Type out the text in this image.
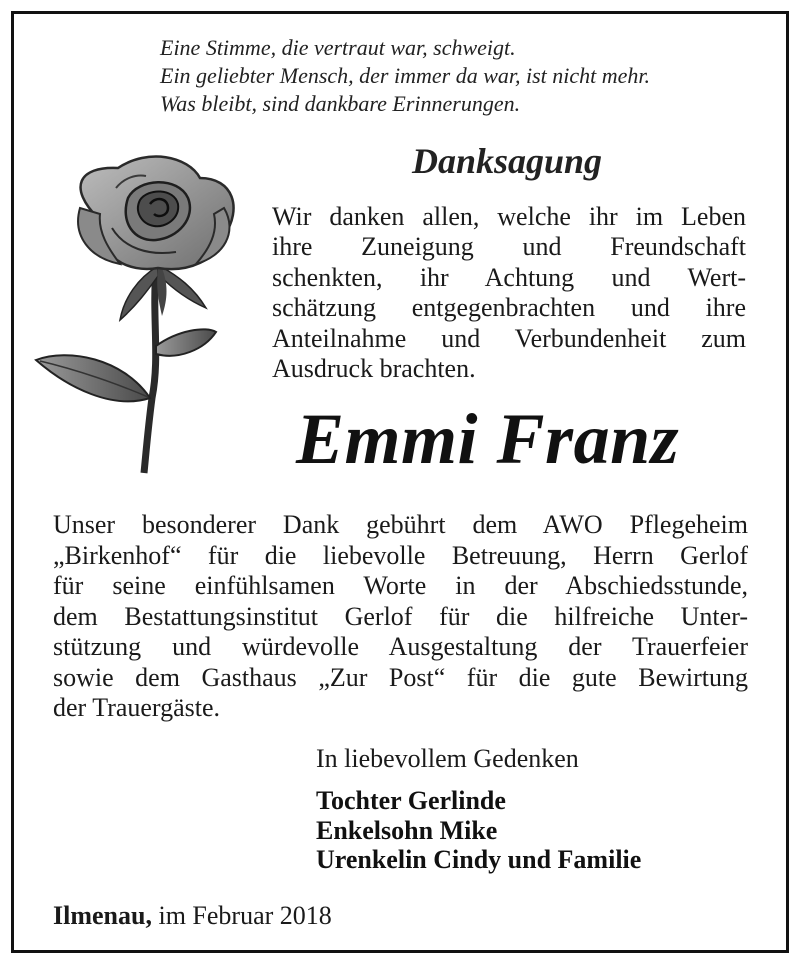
Eine Stimme, die vertraut war, schweigt.
Ein geliebter Mensch, der immer da war, ist nicht mehr.
Was bleibt, sind dankbare Erinnerungen.
Danksagung
Wir danken allen, welche ihr im Leben
ihre Zuneigung und Freundschaft
schenkten, ihr Achtung und Wert-
schätzung entgegenbrachten und ihre
Anteilnahme und Verbundenheit zum
Ausdruck brachten.
Emmi Franz
Unser besonderer Dank gebührt dem AWO Pflegeheim
„Birkenhof“ für die liebevolle Betreuung, Herrn Gerlof
für seine einfühlsamen Worte in der Abschiedsstunde,
dem Bestattungsinstitut Gerlof für die hilfreiche Unter-
stützung und würdevolle Ausgestaltung der Trauerfeier
sowie dem Gasthaus „Zur Post“ für die gute Bewirtung
der Trauergäste.
In liebevollem Gedenken
Tochter Gerlinde
Enkelsohn Mike
Urenkelin Cindy und Familie
Ilmenau, im Februar 2018
